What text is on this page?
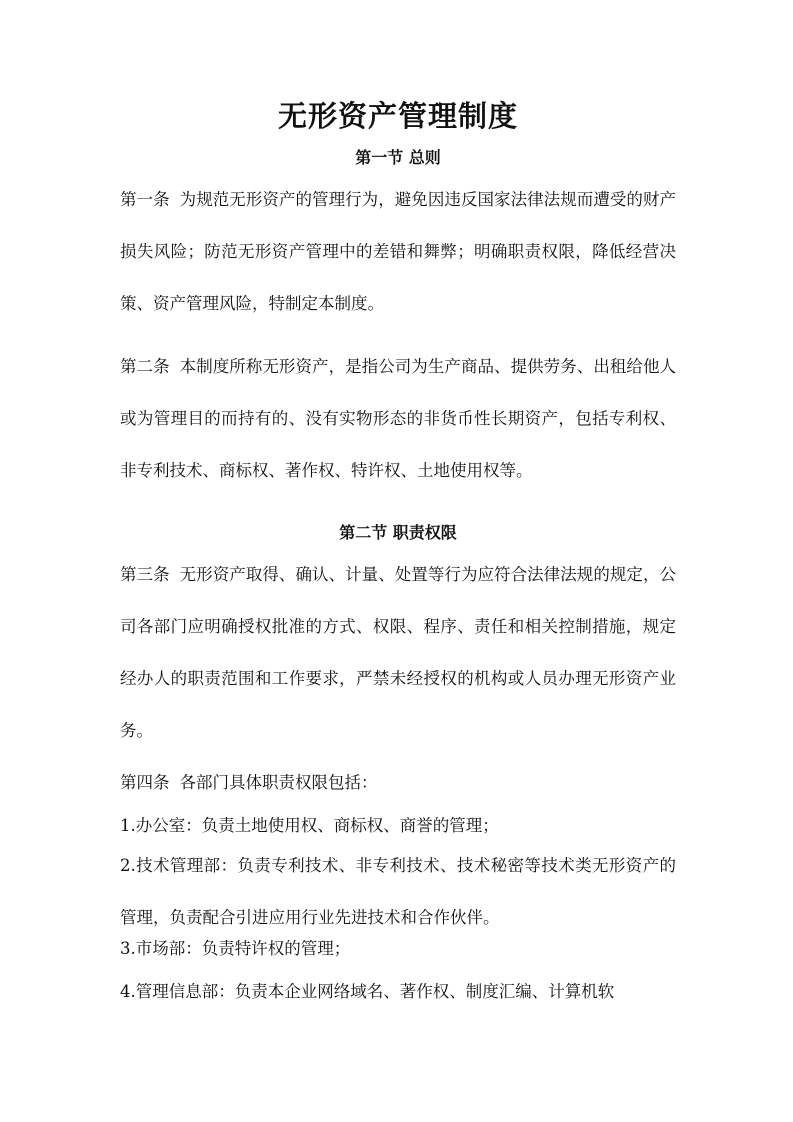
无形资产管理制度
第一节 总则
第一条 为规范无形资产的管理行为，避免因违反国家法律法规而遭受的财产损失风险；防范无形资产管理中的差错和舞弊；明确职责权限，降低经营决策、资产管理风险，特制定本制度。
第二条 本制度所称无形资产，是指公司为生产商品、提供劳务、出租给他人或为管理目的而持有的、没有实物形态的非货币性长期资产，包括专利权、非专利技术、商标权、著作权、特许权、土地使用权等。
第二节 职责权限
第三条 无形资产取得、确认、计量、处置等行为应符合法律法规的规定，公司各部门应明确授权批准的方式、权限、程序、责任和相关控制措施，规定经办人的职责范围和工作要求，严禁未经授权的机构或人员办理无形资产业务。
第四条 各部门具体职责权限包括：
1.办公室：负责土地使用权、商标权、商誉的管理；
2.技术管理部：负责专利技术、非专利技术、技术秘密等技术类无形资产的管理，负责配合引进应用行业先进技术和合作伙伴。
3.市场部：负责特许权的管理；
4.管理信息部：负责本企业网络域名、著作权、制度汇编、计算机软
